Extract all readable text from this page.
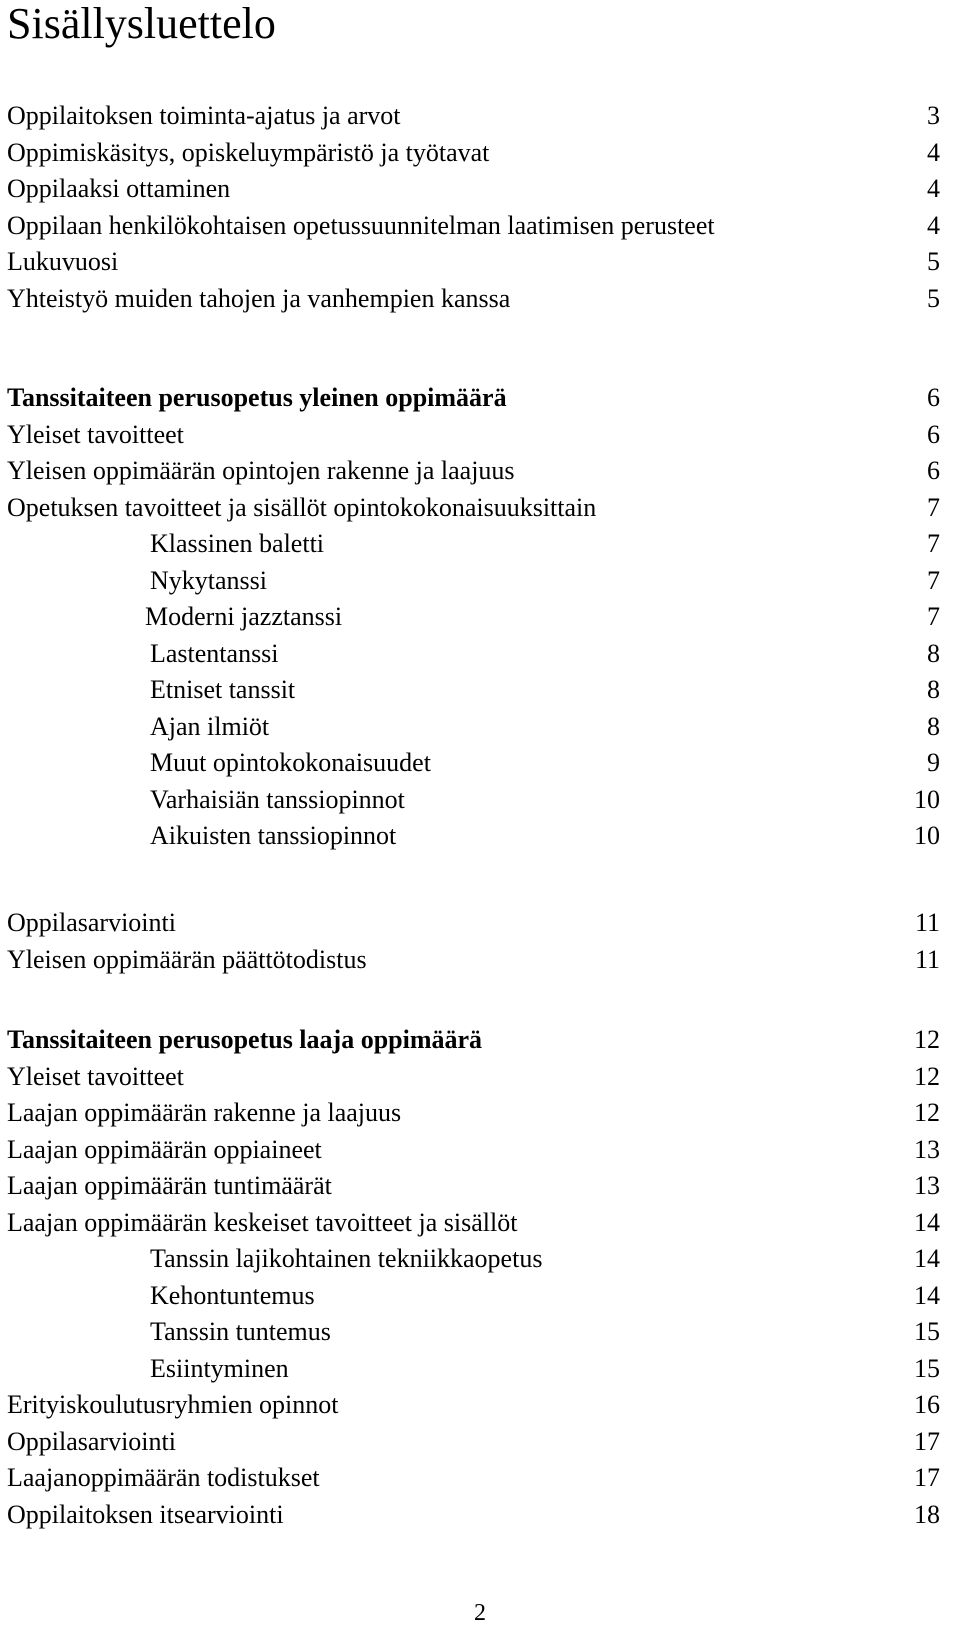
Sisällysluettelo
Oppilaitoksen toiminta-ajatus ja arvot	3
Oppimiskäsitys, opiskeluympäristö ja työtavat	4
Oppilaaksi ottaminen	4
Oppilaan henkilökohtaisen opetussuunnitelman laatimisen perusteet	4
Lukuvuosi	5
Yhteistyö muiden tahojen ja vanhempien kanssa	5
Tanssitaiteen perusopetus yleinen oppimäärä	6
Yleiset tavoitteet	6
Yleisen oppimäärän opintojen rakenne ja laajuus	6
Opetuksen tavoitteet ja sisällöt opintokokonaisuuksittain	7
Klassinen baletti	7
Nykytanssi	7
Moderni jazztanssi	7
Lastentanssi	8
Etniset tanssit	8
Ajan ilmiöt	8
Muut opintokokonaisuudet	9
Varhaisiän tanssiopinnot	10
Aikuisten tanssiopinnot	10
Oppilasarviointi	11
Yleisen oppimäärän päättötodistus	11
Tanssitaiteen perusopetus laaja oppimäärä	12
Yleiset tavoitteet	12
Laajan oppimäärän rakenne ja laajuus	12
Laajan oppimäärän oppiaineet	13
Laajan oppimäärän tuntimäärät	13
Laajan oppimäärän keskeiset tavoitteet ja sisällöt	14
Tanssin lajikohtainen tekniikkaopetus	14
Kehontuntemus	14
Tanssin tuntemus	15
Esiintyminen	15
Erityiskoulutusryhmien opinnot	16
Oppilasarviointi	17
Laajanoppimäärän todistukset	17
Oppilaitoksen itsearviointi	18
2
